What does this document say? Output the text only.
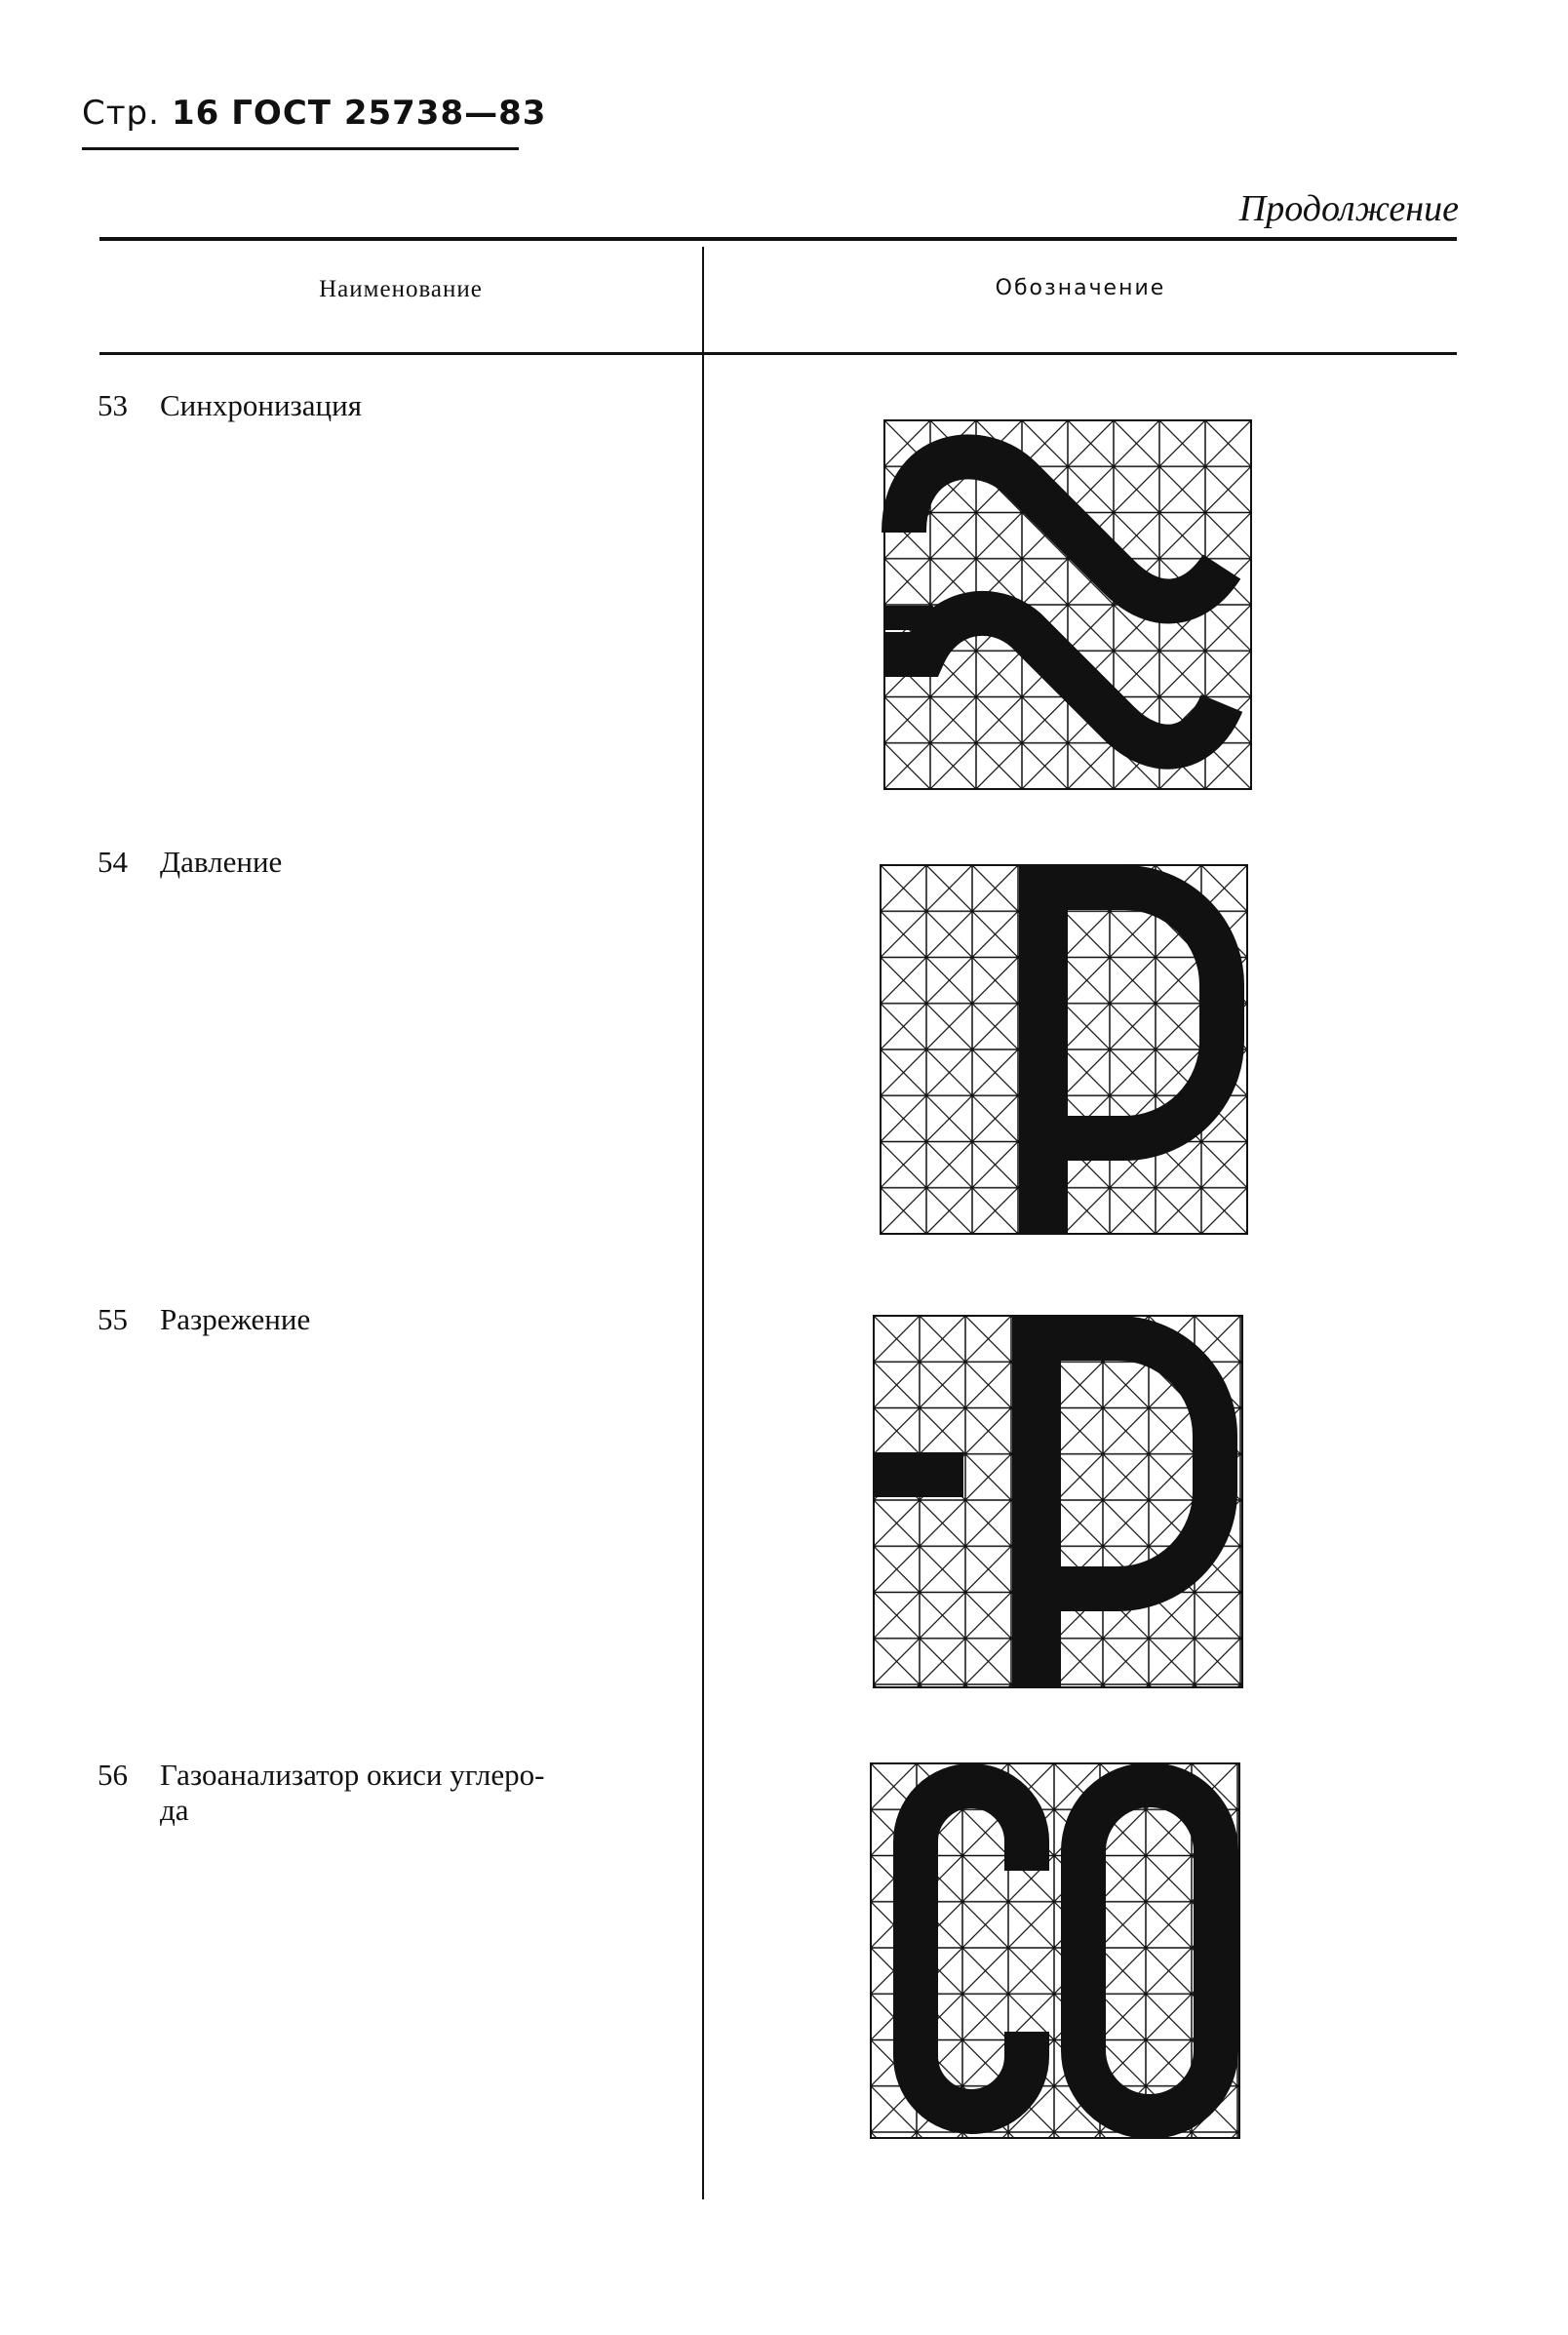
Стр. 16 ГОСТ 25738—83
Продолжение
Наименование	Обозначение
53 Синхронизация
54 Давление
55 Разрежение
56 Газоанализатор окиси углеро-
да
